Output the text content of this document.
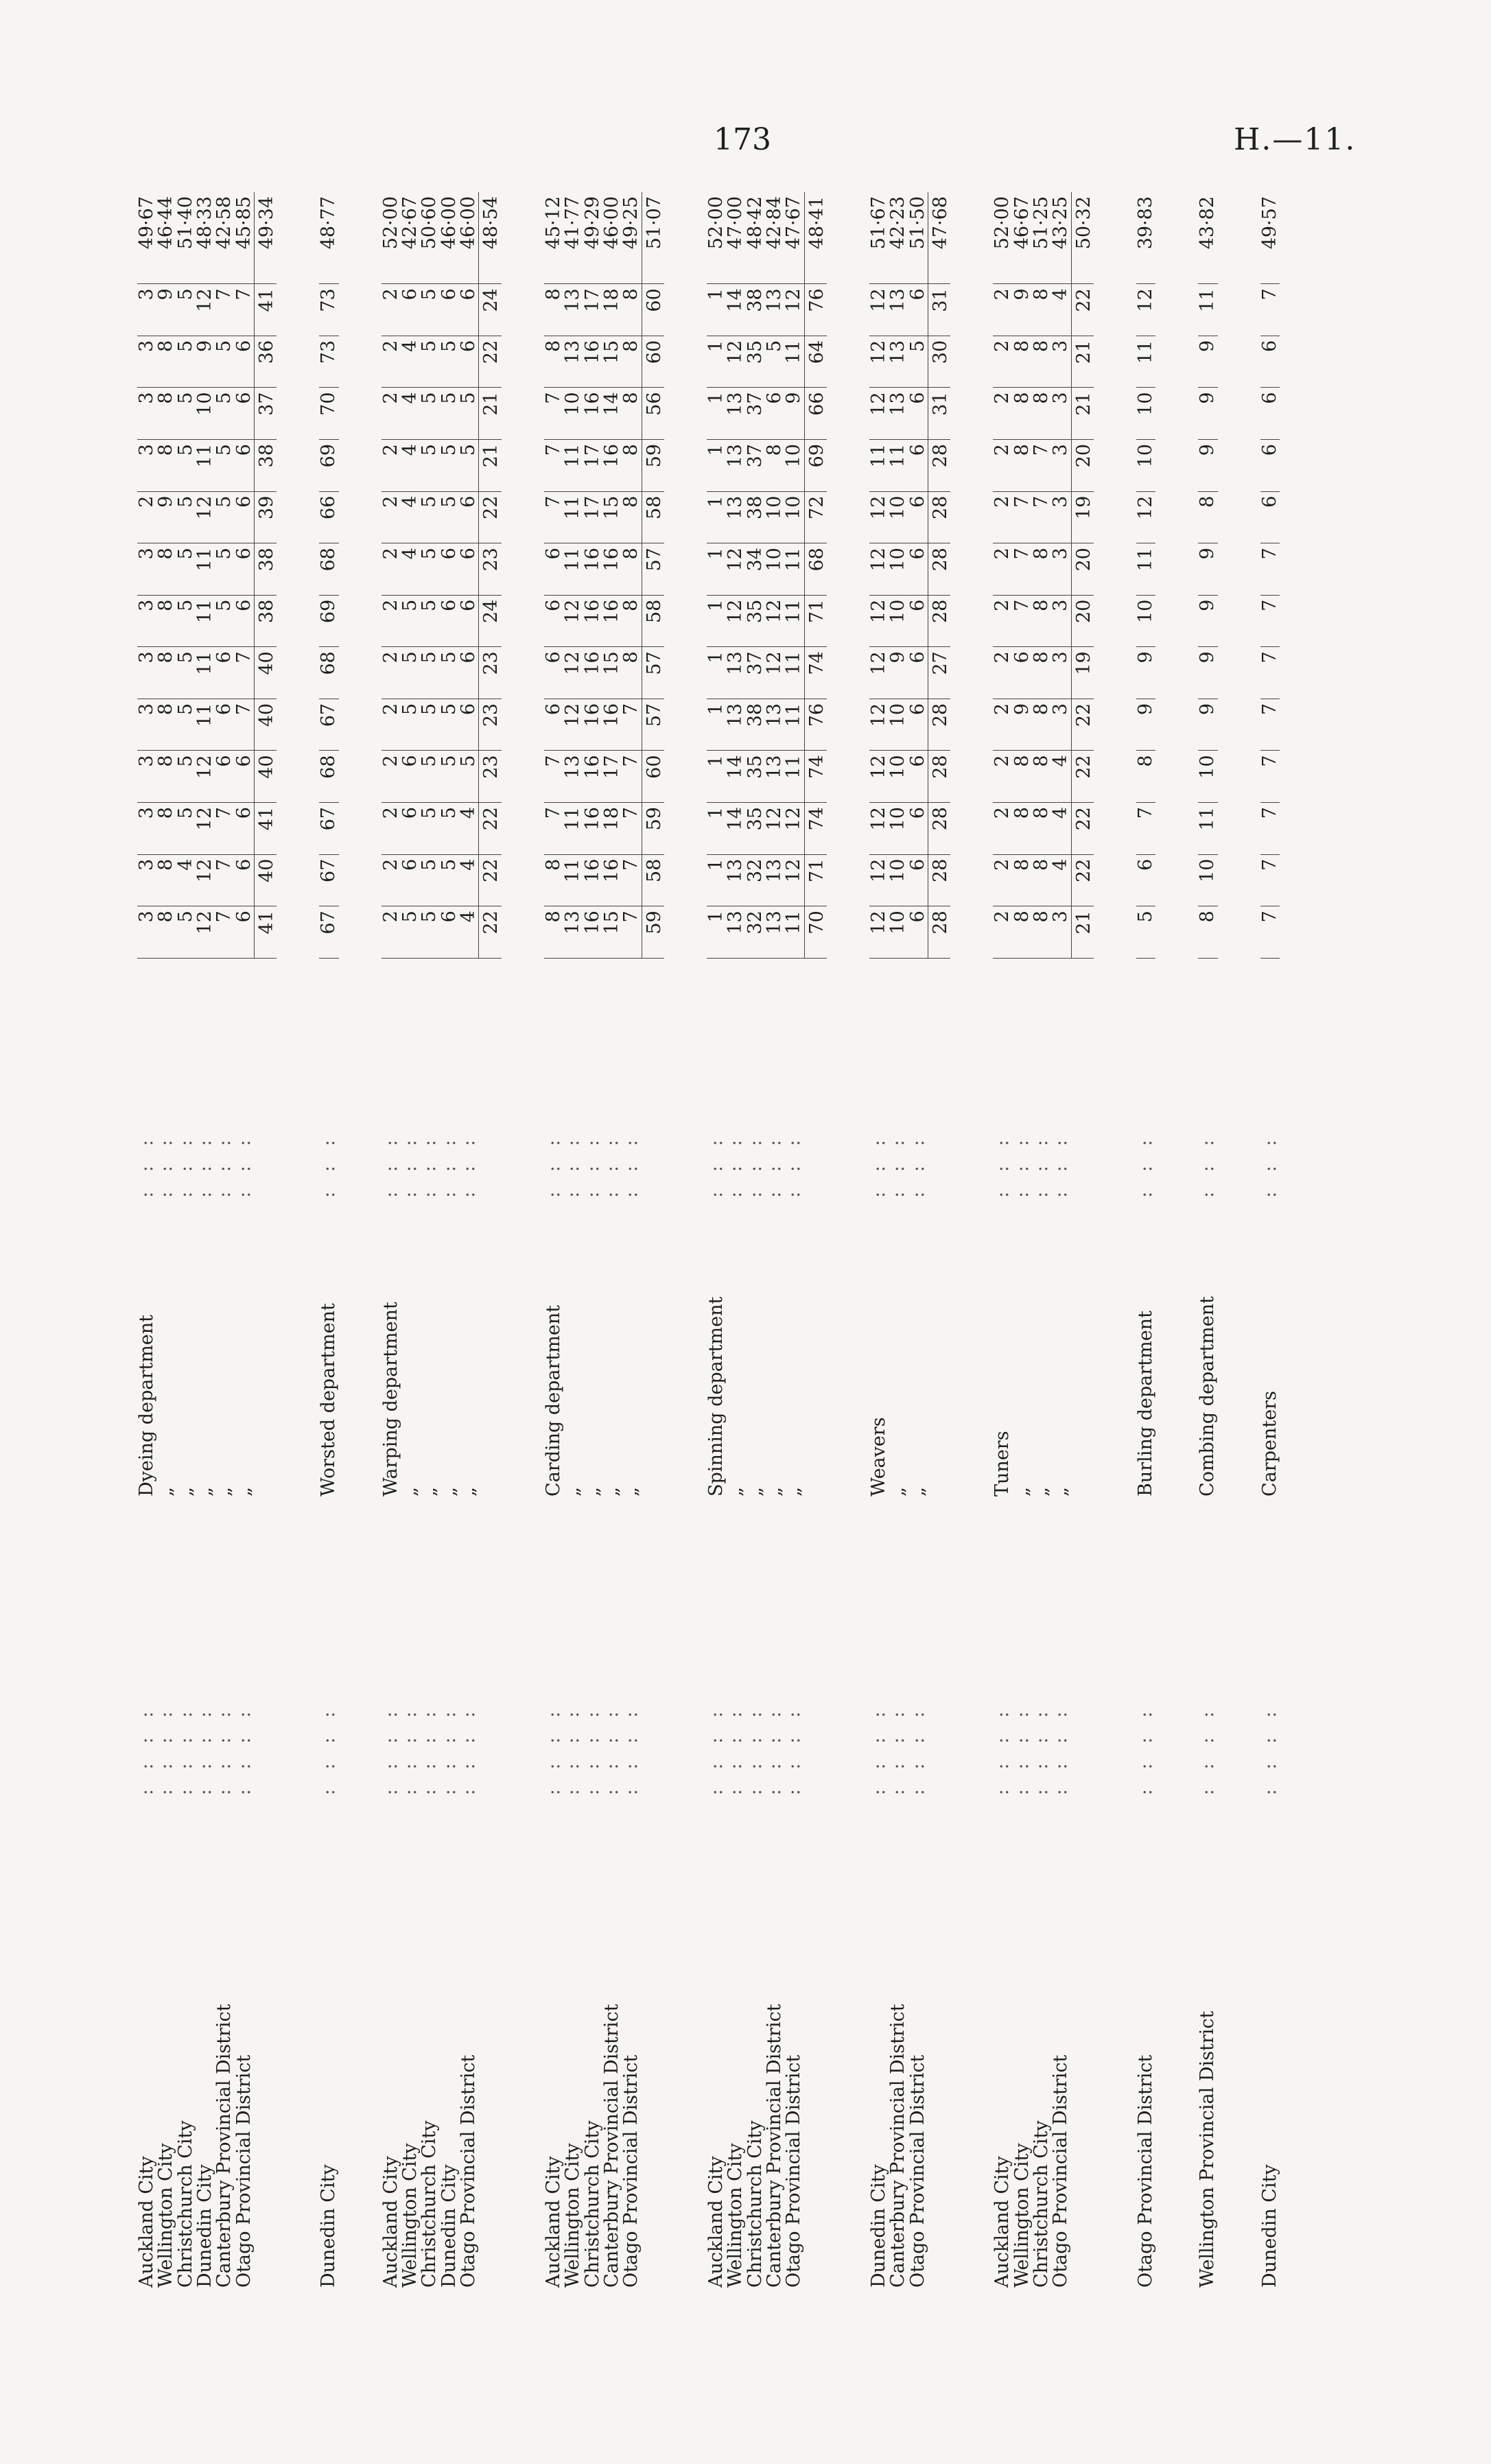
173	H.—11.
Auckland City	: : : :	Dyeing department	: : :	3	3	3	3	3	3	3	3	2	3	3	3	3	49·67
Wellington City	: : : :	„	: : :	8	8	8	8	8	8	8	8	9	8	8	8	9	46·44
Christchurch City	: : : :	„	: : :	5	4	5	5	5	5	5	5	5	5	5	5	5	51·40
Dunedin City	: : : :	„	: : :	12	12	12	12	11	11	11	11	12	11	10	9	12	48·33
Canterbury Provincial District	: : : :	„	: : :	7	7	7	6	6	6	5	5	5	5	5	5	7	42·58
Otago Provincial District	: : : :	„	: : :	6	6	6	6	7	7	6	6	6	6	6	6	7	45·85
				41	40	41	40	40	40	38	38	39	38	37	36	41	49·34

Dunedin City	: : : :	Worsted department	: : :	67	67	67	68	67	68	69	68	66	69	70	73	73	48·77

Auckland City	: : : :	Warping department	: : :	2	2	2	2	2	2	2	2	2	2	2	2	2	52·00
Wellington City	: : : :	„	: : :	5	6	6	6	5	5	5	4	4	4	4	4	6	42·67
Christchurch City	: : : :	„	: : :	5	5	5	5	5	5	5	5	5	5	5	5	5	50·60
Dunedin City	: : : :	„	: : :	6	5	5	5	5	5	6	6	5	5	5	5	6	46·00
Otago Provincial District	: : : :	„	: : :	4	4	4	5	6	6	6	6	6	5	5	6	6	46·00
				22	22	22	23	23	23	24	23	22	21	21	22	24	48·54

Auckland City	: : : :	Carding department	: : :	8	8	7	7	6	6	6	6	7	7	7	8	8	45·12
Wellington City	: : : :	„	: : :	13	11	11	13	12	12	12	11	11	11	10	13	13	41·77
Christchurch City	: : : :	„	: : :	16	16	16	16	16	16	16	16	17	17	16	16	17	49·29
Canterbury Provincial District	: : : :	„	: : :	15	16	18	17	16	15	16	16	15	16	14	15	18	46·00
Otago Provincial District	: : : :	„	: : :	7	7	7	7	7	8	8	8	8	8	8	8	8	49·25
				59	58	59	60	57	57	58	57	58	59	56	60	60	51·07

Auckland City	: : : :	Spinning department	: : :	1	1	1	1	1	1	1	1	1	1	1	1	1	52·00
Wellington City	: : : :	„	: : :	13	13	14	14	13	13	12	12	13	13	13	12	14	47·00
Christchurch City	: : : :	„	: : :	32	32	35	35	38	37	35	34	38	37	37	35	38	48·42
Canterbury Provincial District	: : : :	„	: : :	13	13	12	13	13	12	12	10	10	8	6	5	13	42·84
Otago Provincial District	: : : :	„	: : :	11	12	12	11	11	11	11	11	10	10	9	11	12	47·67
				70	71	74	74	76	74	71	68	72	69	66	64	76	48·41

Dunedin City	: : : :	Weavers	: : :	12	12	12	12	12	12	12	12	12	11	12	12	12	51·67
Canterbury Provincial District	: : : :	„	: : :	10	10	10	10	10	9	10	10	10	11	13	13	13	42·23
Otago Provincial District	: : : :	„	: : :	6	6	6	6	6	6	6	6	6	6	6	5	6	51·50
				28	28	28	28	28	27	28	28	28	28	31	30	31	47·68

Auckland City	: : : :	Tuners	: : :	2	2	2	2	2	2	2	2	2	2	2	2	2	52·00
Wellington City	: : : :	„	: : :	8	8	8	8	9	6	7	7	7	8	8	8	9	46·67
Christchurch City	: : : :	„	: : :	8	8	8	8	8	8	8	8	7	7	8	8	8	51·25
Otago Provincial District	: : : :	„	: : :	3	4	4	4	3	3	3	3	3	3	3	3	4	43·25
				21	22	22	22	22	19	20	20	19	20	21	21	22	50·32

Otago Provincial District	: : : :	Burling department	: : :	5	6	7	8	9	9	10	11	12	10	10	11	12	39·83

Wellington Provincial District	: : : :	Combing department	: : :	8	10	11	10	9	9	9	9	8	9	9	9	11	43·82

Dunedin City	: : : :	Carpenters	: : :	7	7	7	7	7	7	7	7	6	6	6	6	7	49·57
